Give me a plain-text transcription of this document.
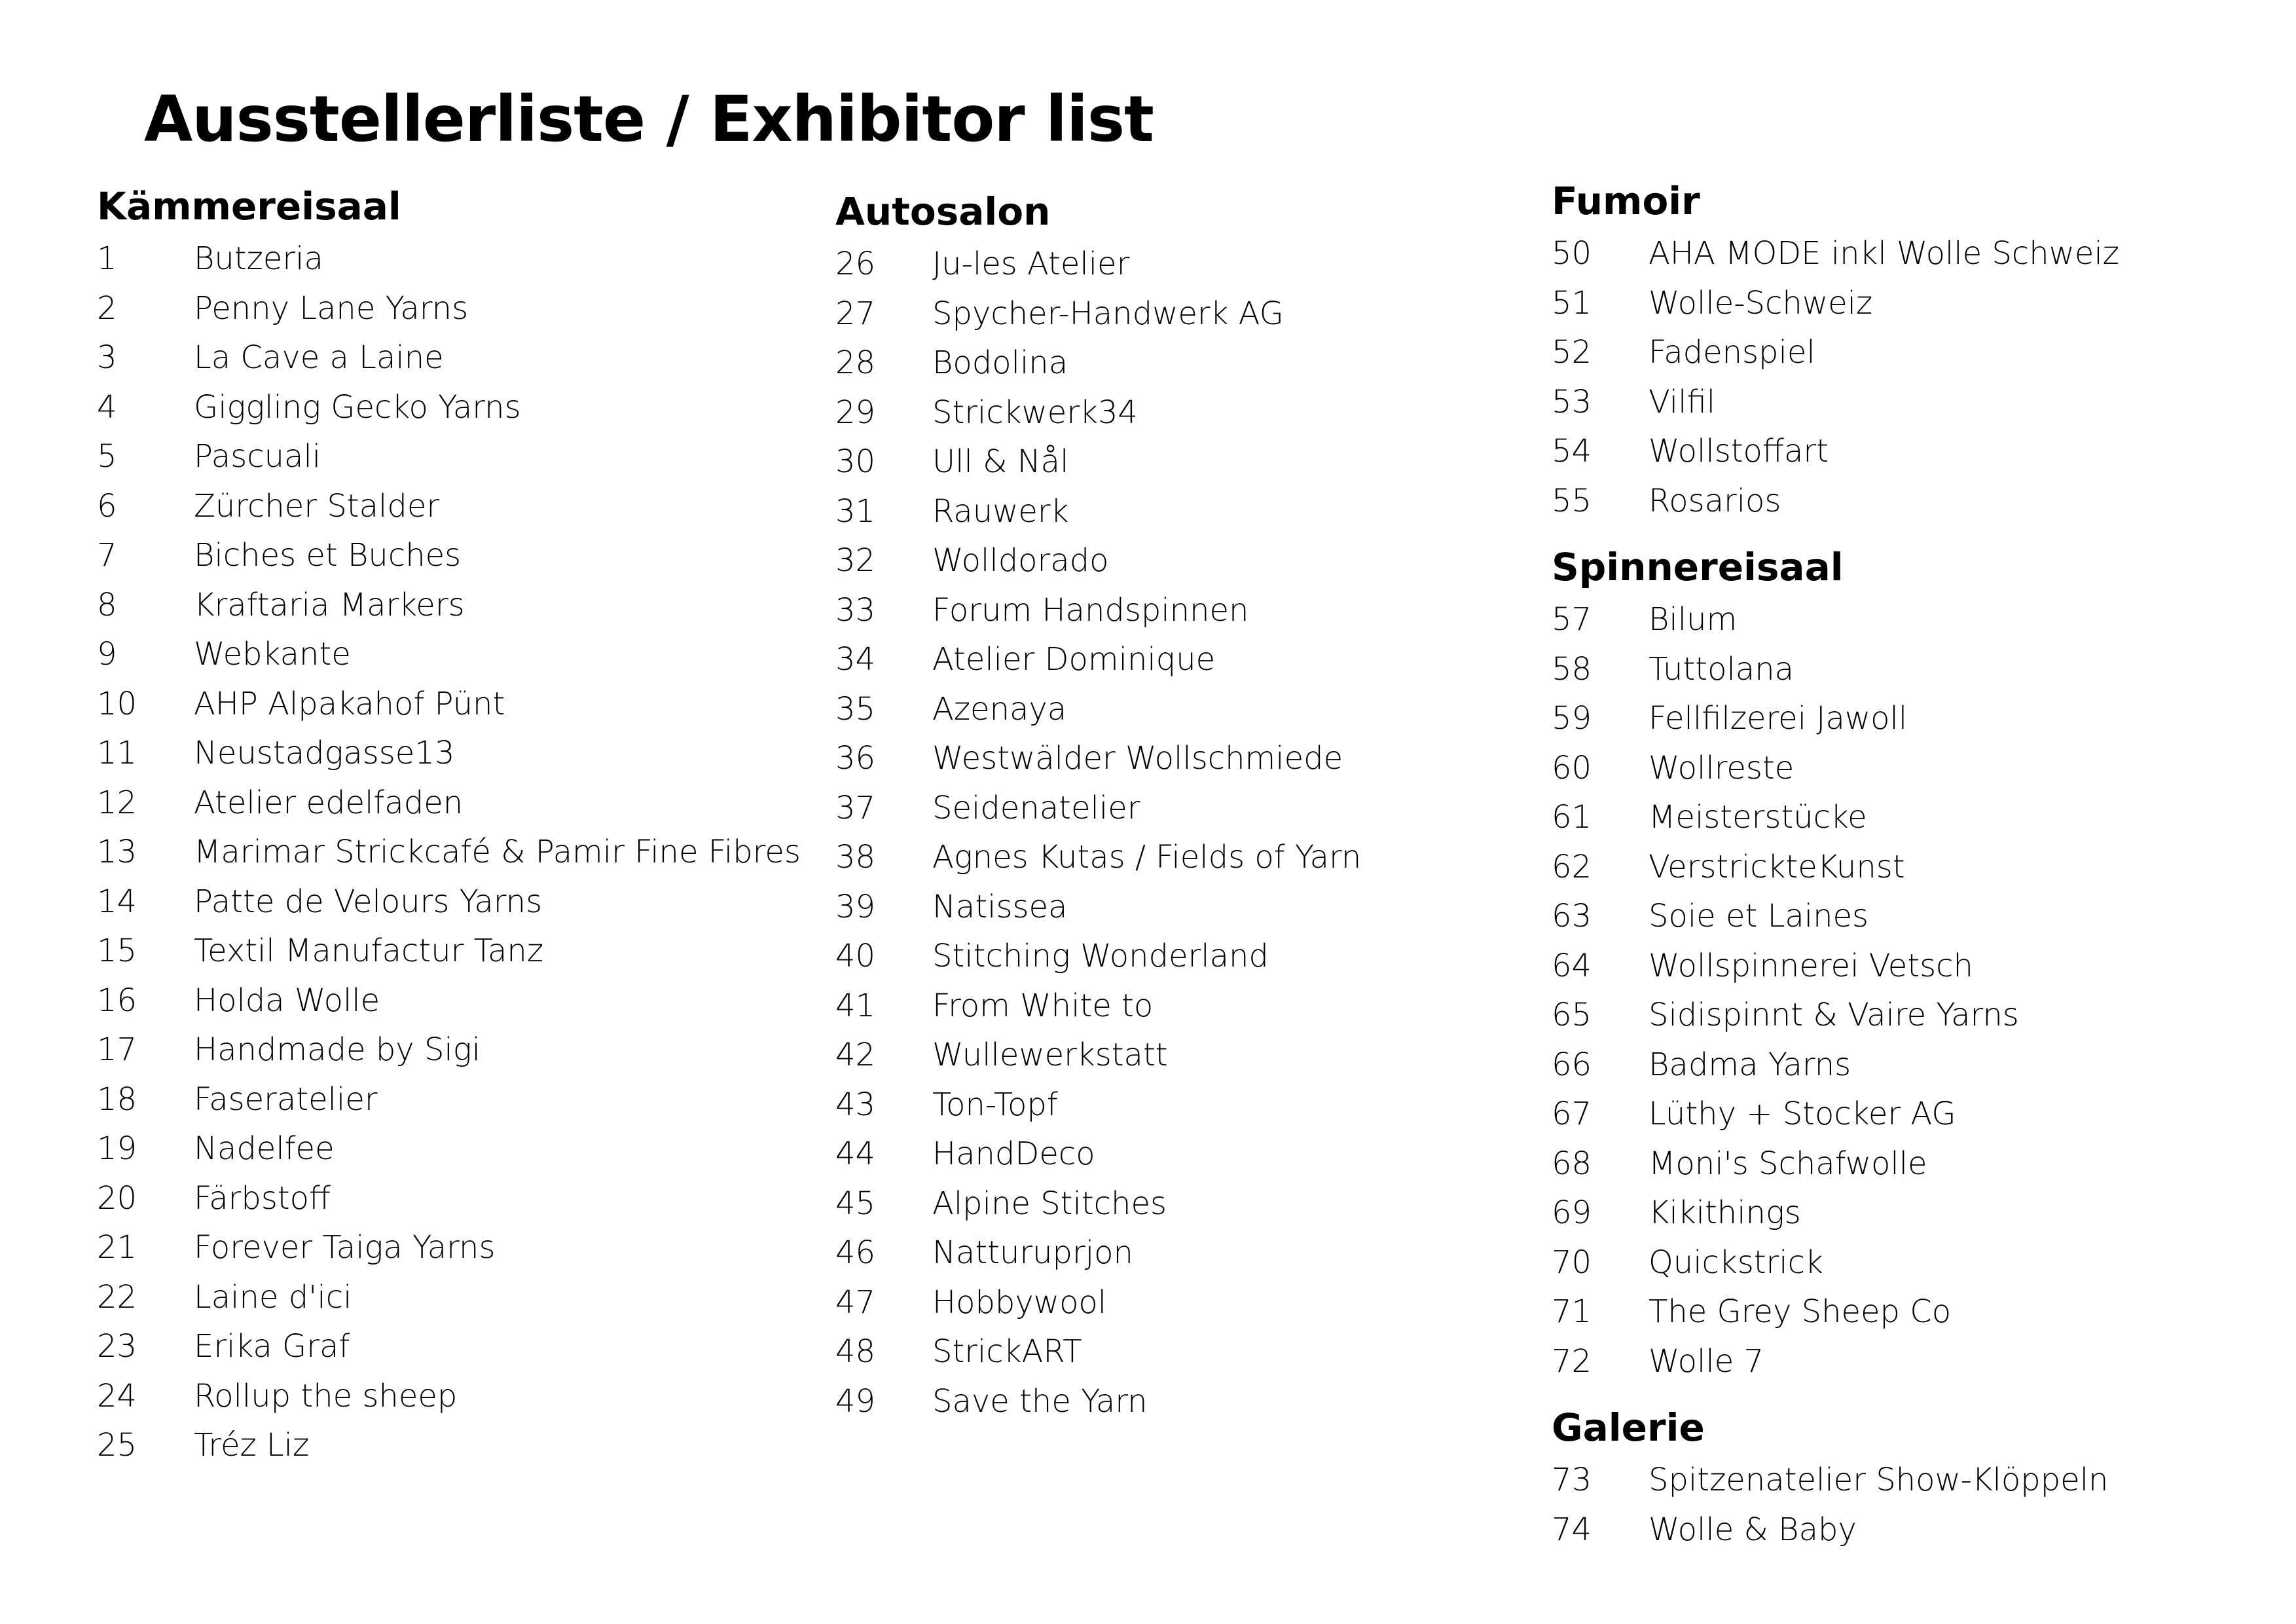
Ausstellerliste / Exhibitor list
Kämmereisaal
1	Butzeria
2	Penny Lane Yarns
3	La Cave a Laine
4	Giggling Gecko Yarns
5	Pascuali
6	Zürcher Stalder
7	Biches et Buches
8	Kraftaria Markers
9	Webkante
10	AHP Alpakahof Pünt
11	Neustadgasse13
12	Atelier edelfaden
13	Marimar Strickcafé & Pamir Fine Fibres
14	Patte de Velours Yarns
15	Textil Manufactur Tanz
16	Holda Wolle
17	Handmade by Sigi
18	Faseratelier
19	Nadelfee
20	Färbstoff
21	Forever Taiga Yarns
22	Laine d'ici
23	Erika Graf
24	Rollup the sheep
25	Tréz Liz
Autosalon
26	Ju-les Atelier
27	Spycher-Handwerk AG
28	Bodolina
29	Strickwerk34
30	Ull & Nål
31	Rauwerk
32	Wolldorado
33	Forum Handspinnen
34	Atelier Dominique
35	Azenaya
36	Westwälder Wollschmiede
37	Seidenatelier
38	Agnes Kutas / Fields of Yarn
39	Natissea
40	Stitching Wonderland
41	From White to
42	Wullewerkstatt
43	Ton-Topf
44	HandDeco
45	Alpine Stitches
46	Natturuprjon
47	Hobbywool
48	StrickART
49	Save the Yarn
Fumoir
50	AHA MODE inkl Wolle Schweiz
51	Wolle-Schweiz
52	Fadenspiel
53	Vilfil
54	Wollstoffart
55	Rosarios
Spinnereisaal
57	Bilum
58	Tuttolana
59	Fellfilzerei Jawoll
60	Wollreste
61	Meisterstücke
62	VerstrickteKunst
63	Soie et Laines
64	Wollspinnerei Vetsch
65	Sidispinnt & Vaire Yarns
66	Badma Yarns
67	Lüthy + Stocker AG
68	Moni's Schafwolle
69	Kikithings
70	Quickstrick
71	The Grey Sheep Co
72	Wolle 7
Galerie
73	Spitzenatelier Show-Klöppeln
74	Wolle & Baby
